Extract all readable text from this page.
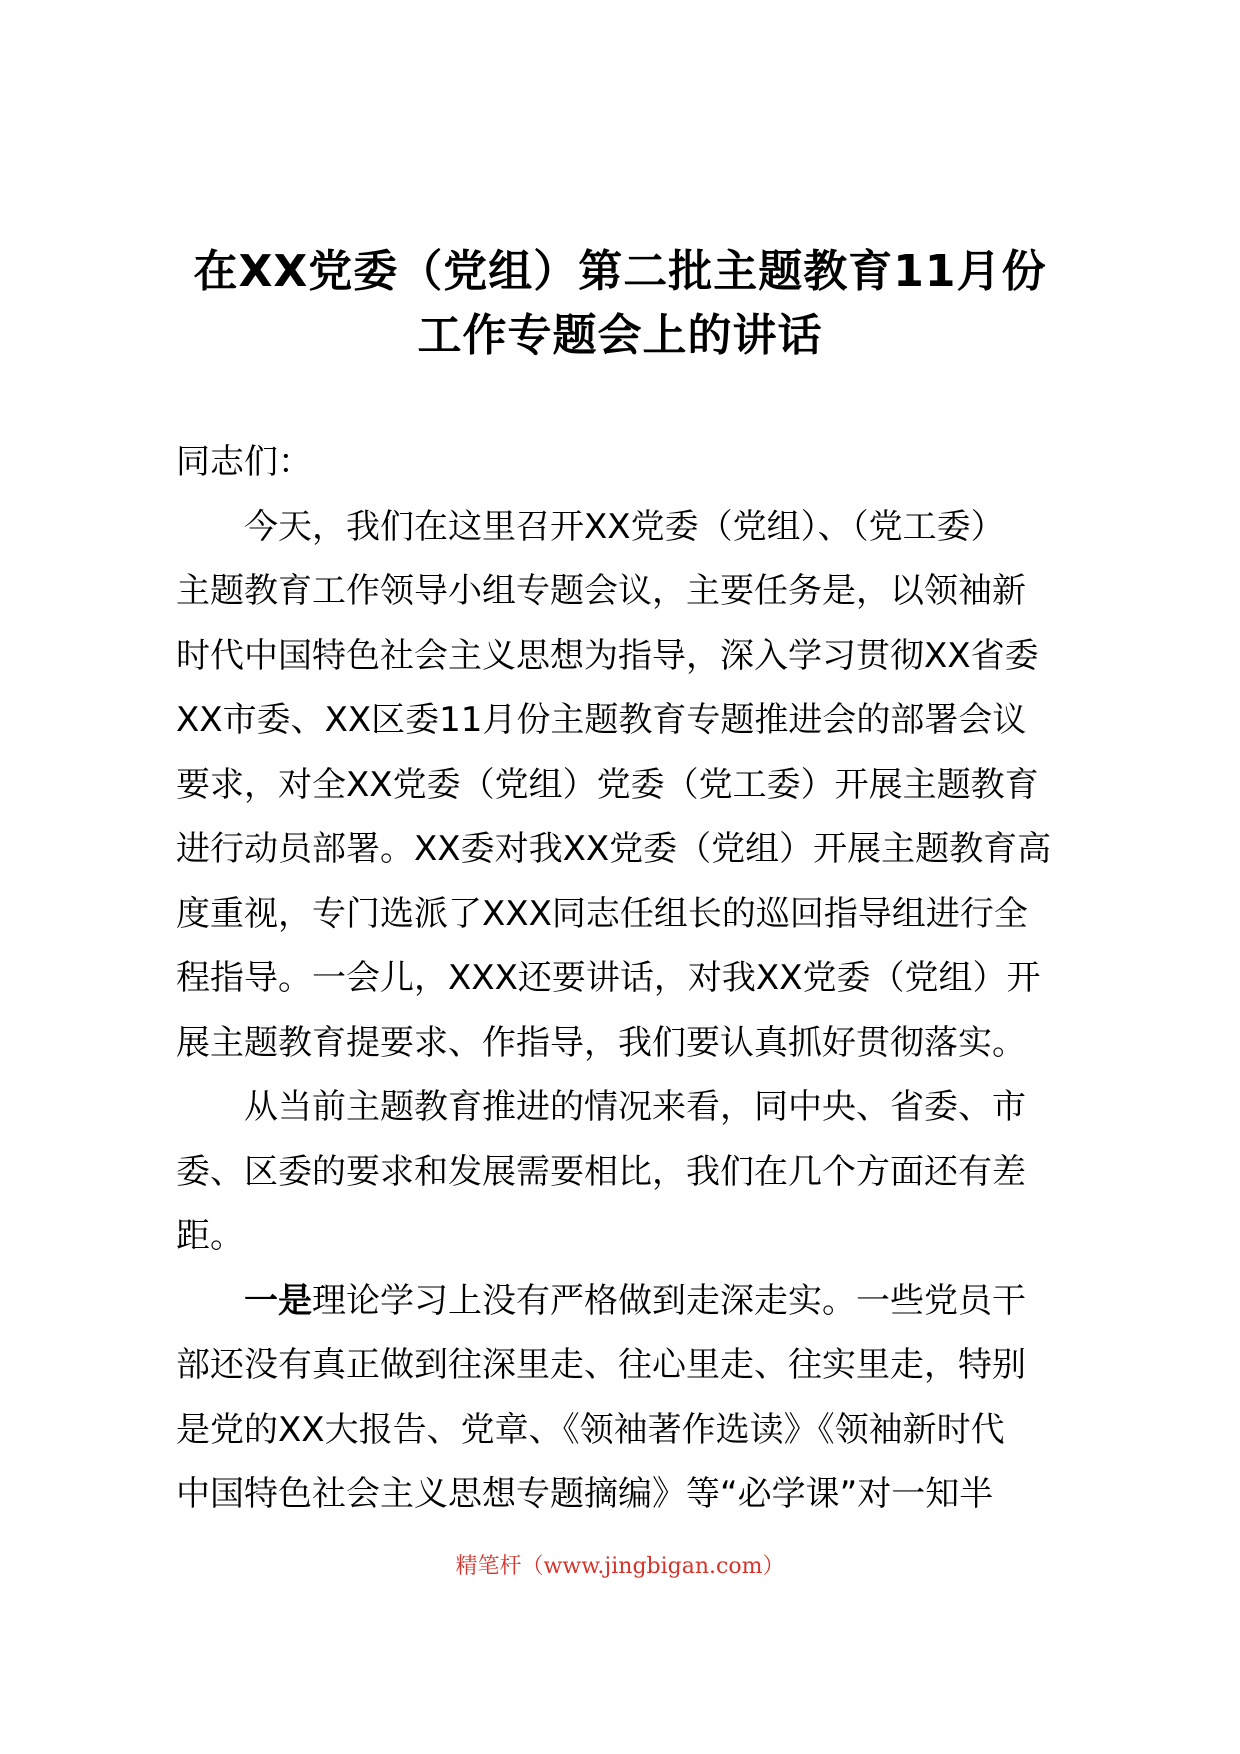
在XX党委（党组）第二批主题教育11月份
工作专题会上的讲话
同志们：
今天，我们在这里召开XX党委（党组）、（党工委）
主题教育工作领导小组专题会议，主要任务是，以领袖新
时代中国特色社会主义思想为指导，深入学习贯彻XX省委
XX市委、XX区委11月份主题教育专题推进会的部署会议
要求，对全XX党委（党组）党委（党工委）开展主题教育
进行动员部署。XX委对我XX党委（党组）开展主题教育高
度重视，专门选派了XXX同志任组长的巡回指导组进行全
程指导。一会儿，XXX还要讲话，对我XX党委（党组）开
展主题教育提要求、作指导，我们要认真抓好贯彻落实。
从当前主题教育推进的情况来看，同中央、省委、市
委、区委的要求和发展需要相比，我们在几个方面还有差
距。
一是理论学习上没有严格做到走深走实。一些党员干
部还没有真正做到往深里走、往心里走、往实里走，特别
是党的XX大报告、党章、《领袖著作选读》《领袖新时代
中国特色社会主义思想专题摘编》等“必学课”对一知半
精笔杆（www.jingbigan.com）
